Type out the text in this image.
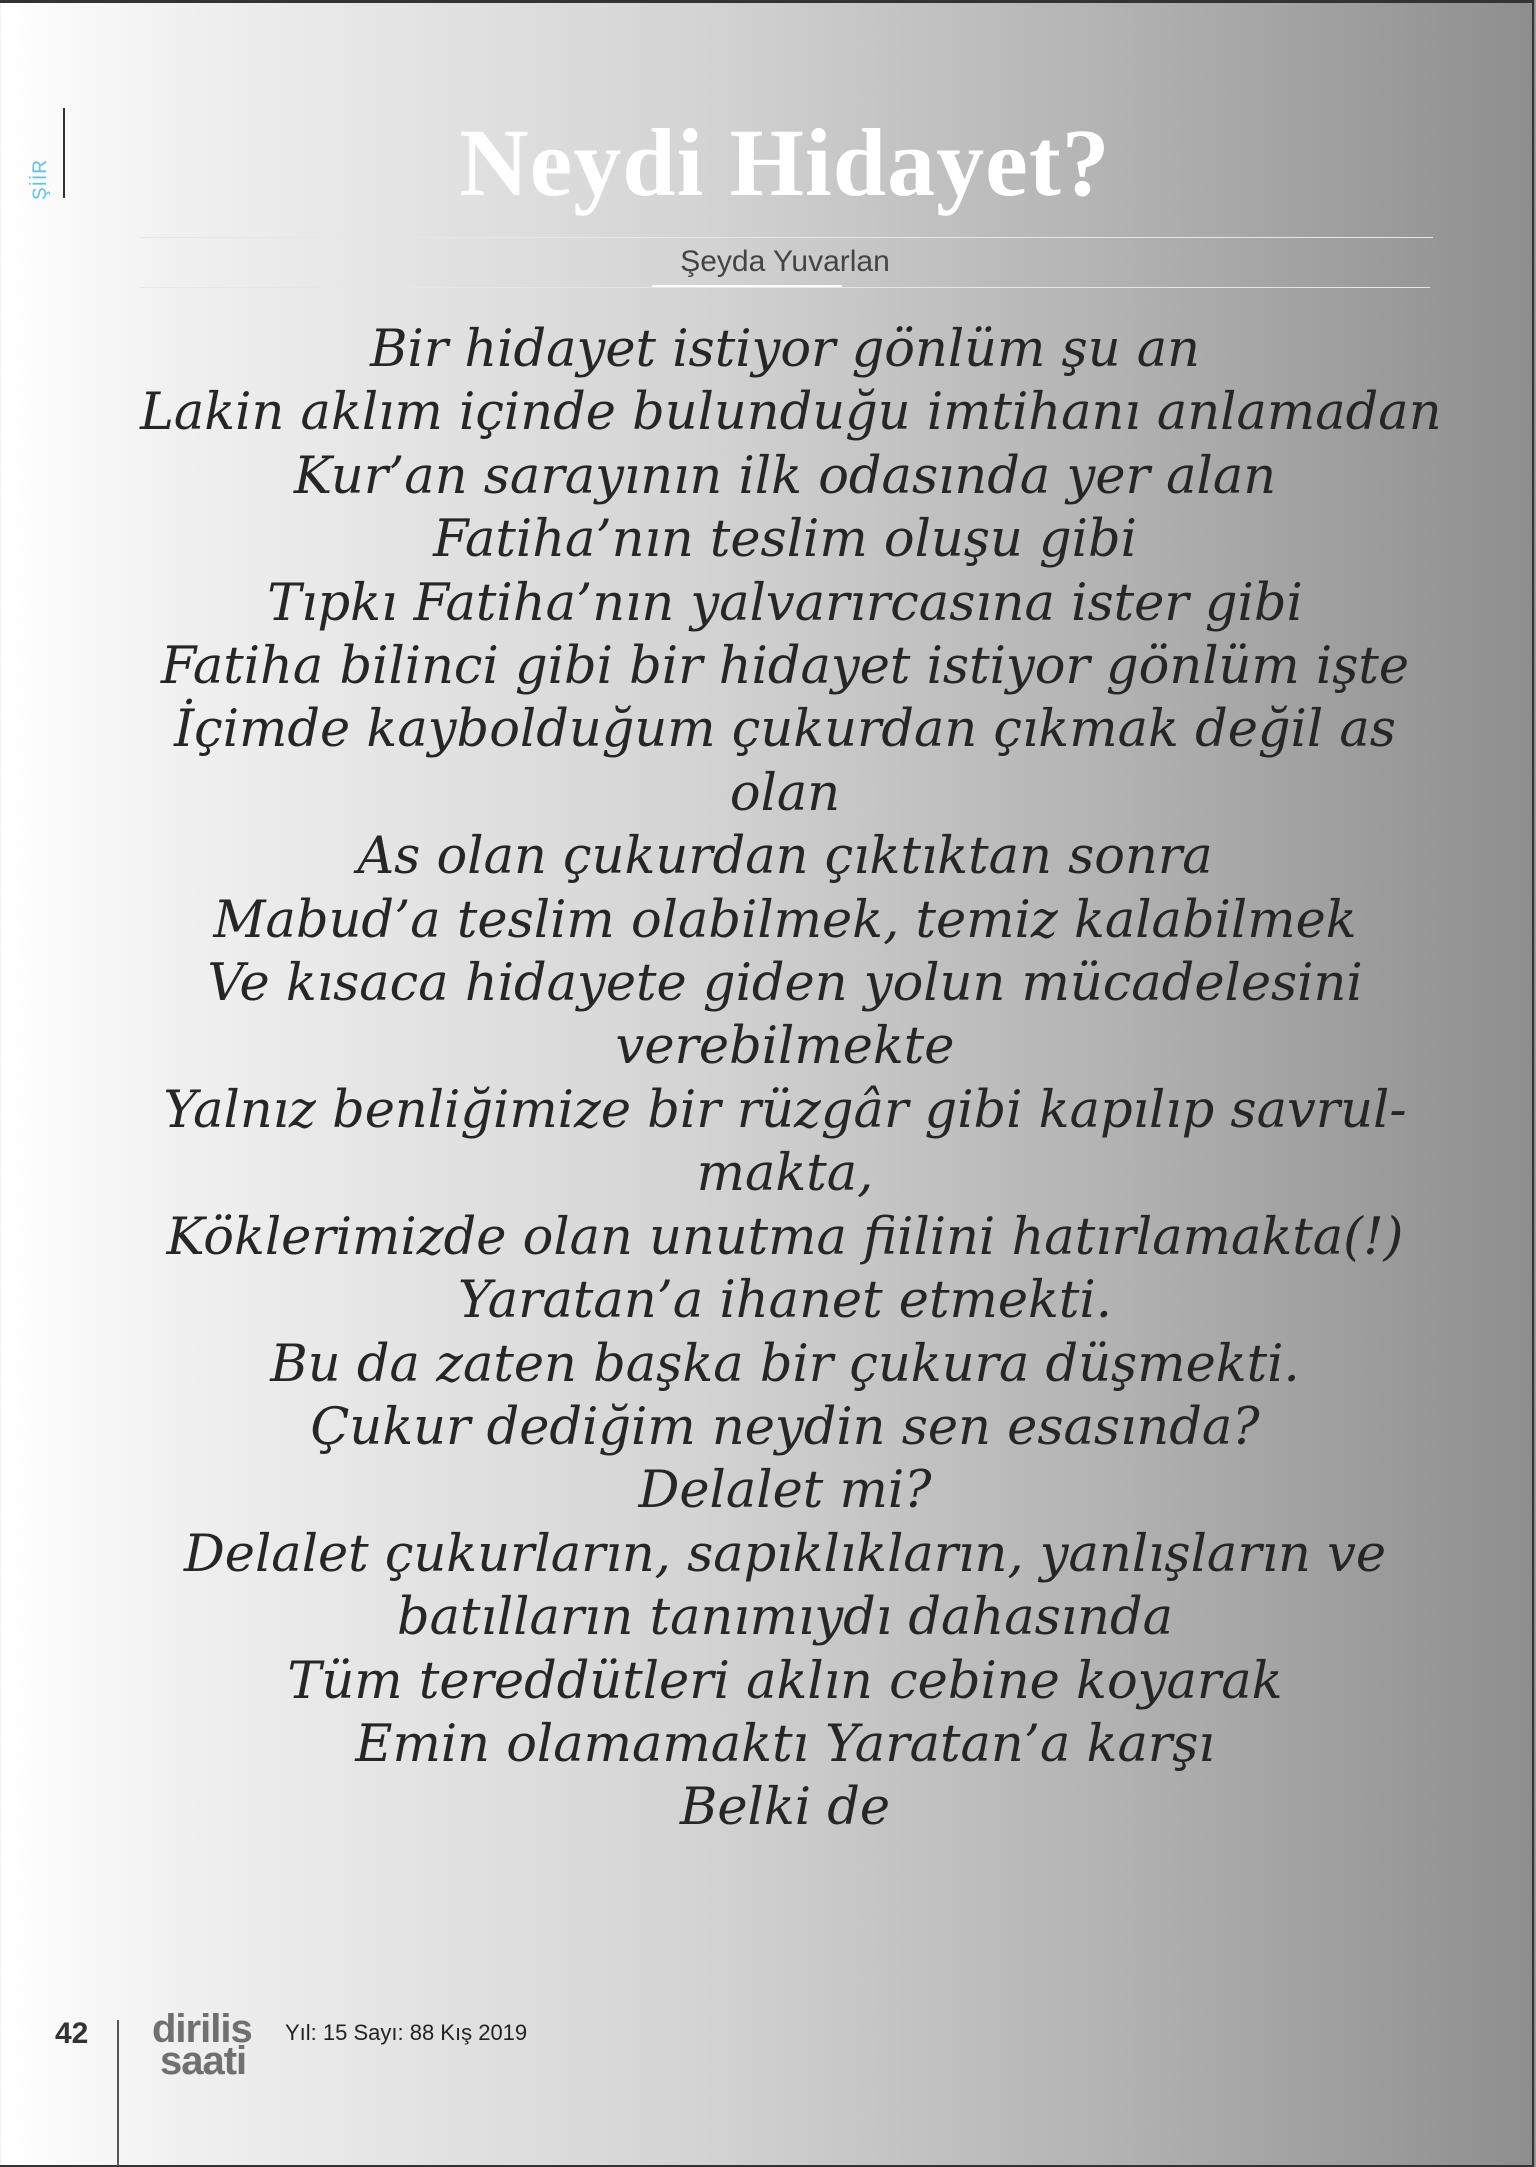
ŞİİR	Neydi Hidayet?
Şeyda Yuvarlan
Bir hidayet istiyor gönlüm şu an
Lakin aklım içinde bulunduğu imtihanı anlamadan
Kur’an sarayının ilk odasında yer alan
Fatiha’nın teslim oluşu gibi
Tıpkı Fatiha’nın yalvarırcasına ister gibi
Fatiha bilinci gibi bir hidayet istiyor gönlüm işte
İçimde kaybolduğum çukurdan çıkmak değil as
olan
As olan çukurdan çıktıktan sonra
Mabud’a teslim olabilmek, temiz kalabilmek
Ve kısaca hidayete giden yolun mücadelesini
verebilmekte
Yalnız benliğimize bir rüzgâr gibi kapılıp savrul-
makta,
Köklerimizde olan unutma fiilini hatırlamakta(!)
Yaratan’a ihanet etmekti.
Bu da zaten başka bir çukura düşmekti.
Çukur dediğim neydin sen esasında?
Delalet mi?
Delalet çukurların, sapıklıkların, yanlışların ve
batılların tanımıydı dahasında
Tüm tereddütleri aklın cebine koyarak
Emin olamamaktı Yaratan’a karşı
Belki de
42 dirilis
saati
Yıl: 15 Sayı: 88 Kış 2019
